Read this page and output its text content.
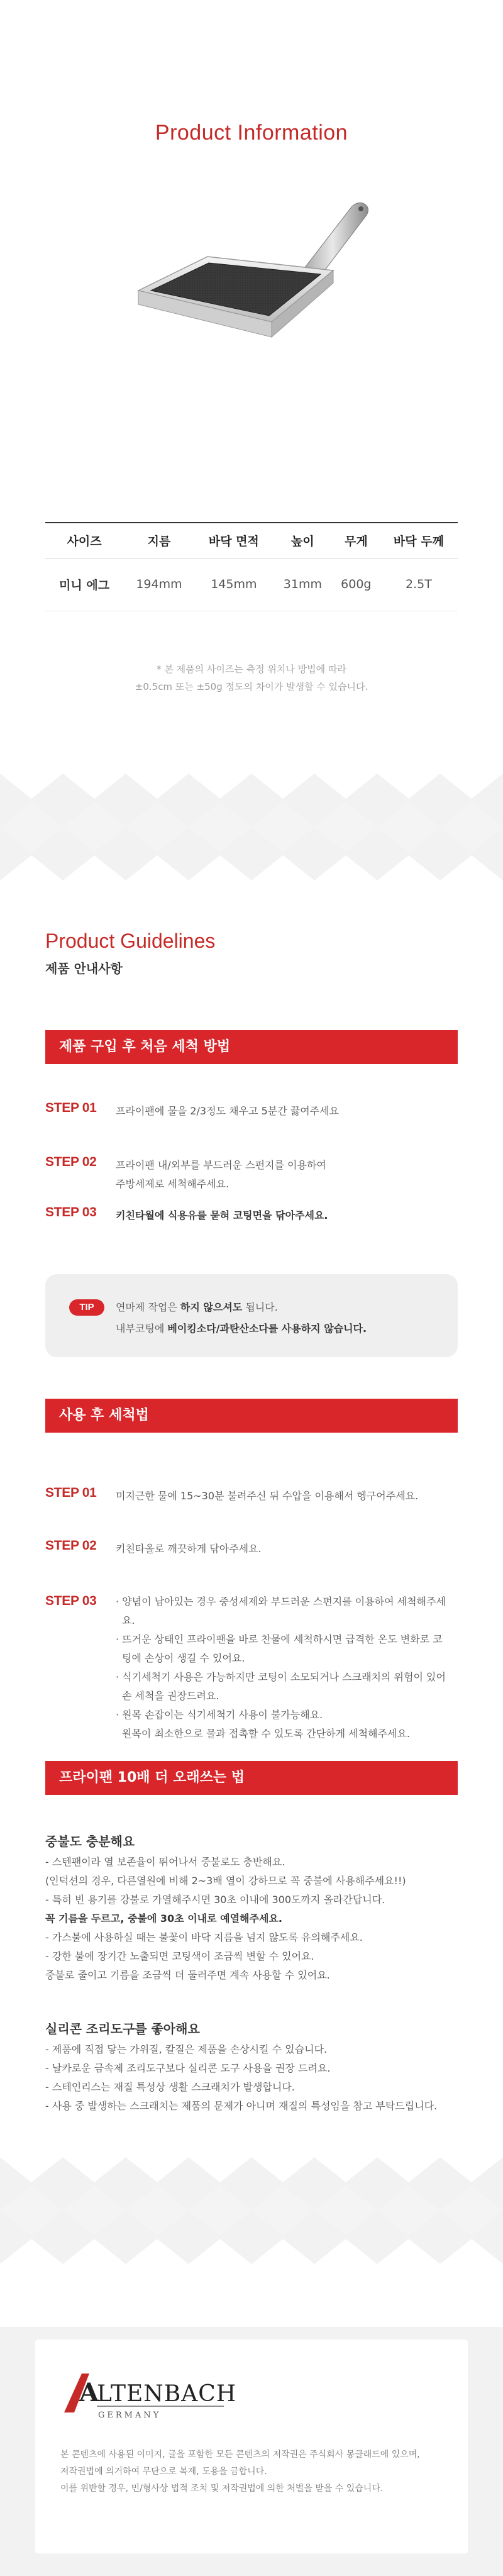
Product Information
사이즈	지름	바닥 면적	높이	무게	바닥 두께
미니 에그	194mm	145mm	31mm	600g	2.5T
* 본 제품의 사이즈는 측정 위치나 방법에 따라
±0.5cm 또는 ±50g 정도의 차이가 발생할 수 있습니다.
Product Guidelines
제품 안내사항
제품 구입 후 처음 세척 방법
STEP 01 프라이팬에 물을 2/3정도 채우고 5분간 끓여주세요
STEP 02 프라이팬 내/외부를 부드러운 스펀지를 이용하여
주방세제로 세척해주세요.
STEP 03 키친타월에 식용유를 묻혀 코팅면을 닦아주세요.
TIP	연마제 작업은 하지 않으셔도 됩니다.
내부코팅에 베이킹소다/과탄산소다를 사용하지 않습니다.
사용 후 세척법
STEP 01 미지근한 물에 15~30분 불려주신 뒤 수압을 이용해서 헹구어주세요.
STEP 02 키친타올로 깨끗하게 닦아주세요.
STEP 03 · 양념이 남아있는 경우 중성세제와 부드러운 스펀지를 이용하여 세척해주세요.
· 뜨거운 상태인 프라이팬을 바로 찬물에 세척하시면 급격한 온도 변화로 코팅에 손상이 생길 수 있어요.
· 식기세척기 사용은 가능하지만 코팅이 소모되거나 스크래치의 위험이 있어 손 세척을 권장드려요.
· 원목 손잡이는 식기세척기 사용이 불가능해요.
원목이 최소한으로 물과 접촉할 수 있도록 간단하게 세척해주세요.
프라이팬 10배 더 오래쓰는 법
중불도 충분해요

- 스텐팬이라 열 보존율이 뛰어나서 중불로도 충반해요.

(인덕션의 경우, 다른열원에 비해 2~3배 열이 강하므로 꼭 중불에 사용해주세요!!)

- 특히 빈 용기를 강불로 가열해주시면 30초 이내에 300도까지 올라간답니다.

꼭 기름을 두르고, 중불에 30초 이내로 예열해주세요.

- 가스불에 사용하실 때는 불꽃이 바닥 지름을 넘지 않도록 유의해주세요.

- 강한 불에 장기간 노출되면 코팅색이 조금씩 변할 수 있어요.

중불로 줄이고 기름을 조금씩 더 둘러주면 계속 사용할 수 있어요.

실리콘 조리도구를 좋아해요

- 제품에 직접 닿는 가위질, 칼질은 제품을 손상시킬 수 있습니다.

- 날카로운 금속제 조리도구보다 실리콘 도구 사용을 권장 드려요.

- 스테인리스는 재질 특성상 생활 스크래치가 발생합니다.

- 사용 중 발생하는 스크래치는 제품의 문제가 아니며 재질의 특성임을 참고 부탁드립니다.

A
LTENBACH
GERMANY
본 콘텐츠에 사용된 이미지, 글을 포함한 모든 콘텐츠의 저작권은 주식회사 몽클래드에 있으며,
저작권법에 의거하여 무단으로 복제, 도용을 금합니다.
이를 위반할 경우, 민/형사상 법적 조치 및 저작권법에 의한 처벌을 받을 수 있습니다.
